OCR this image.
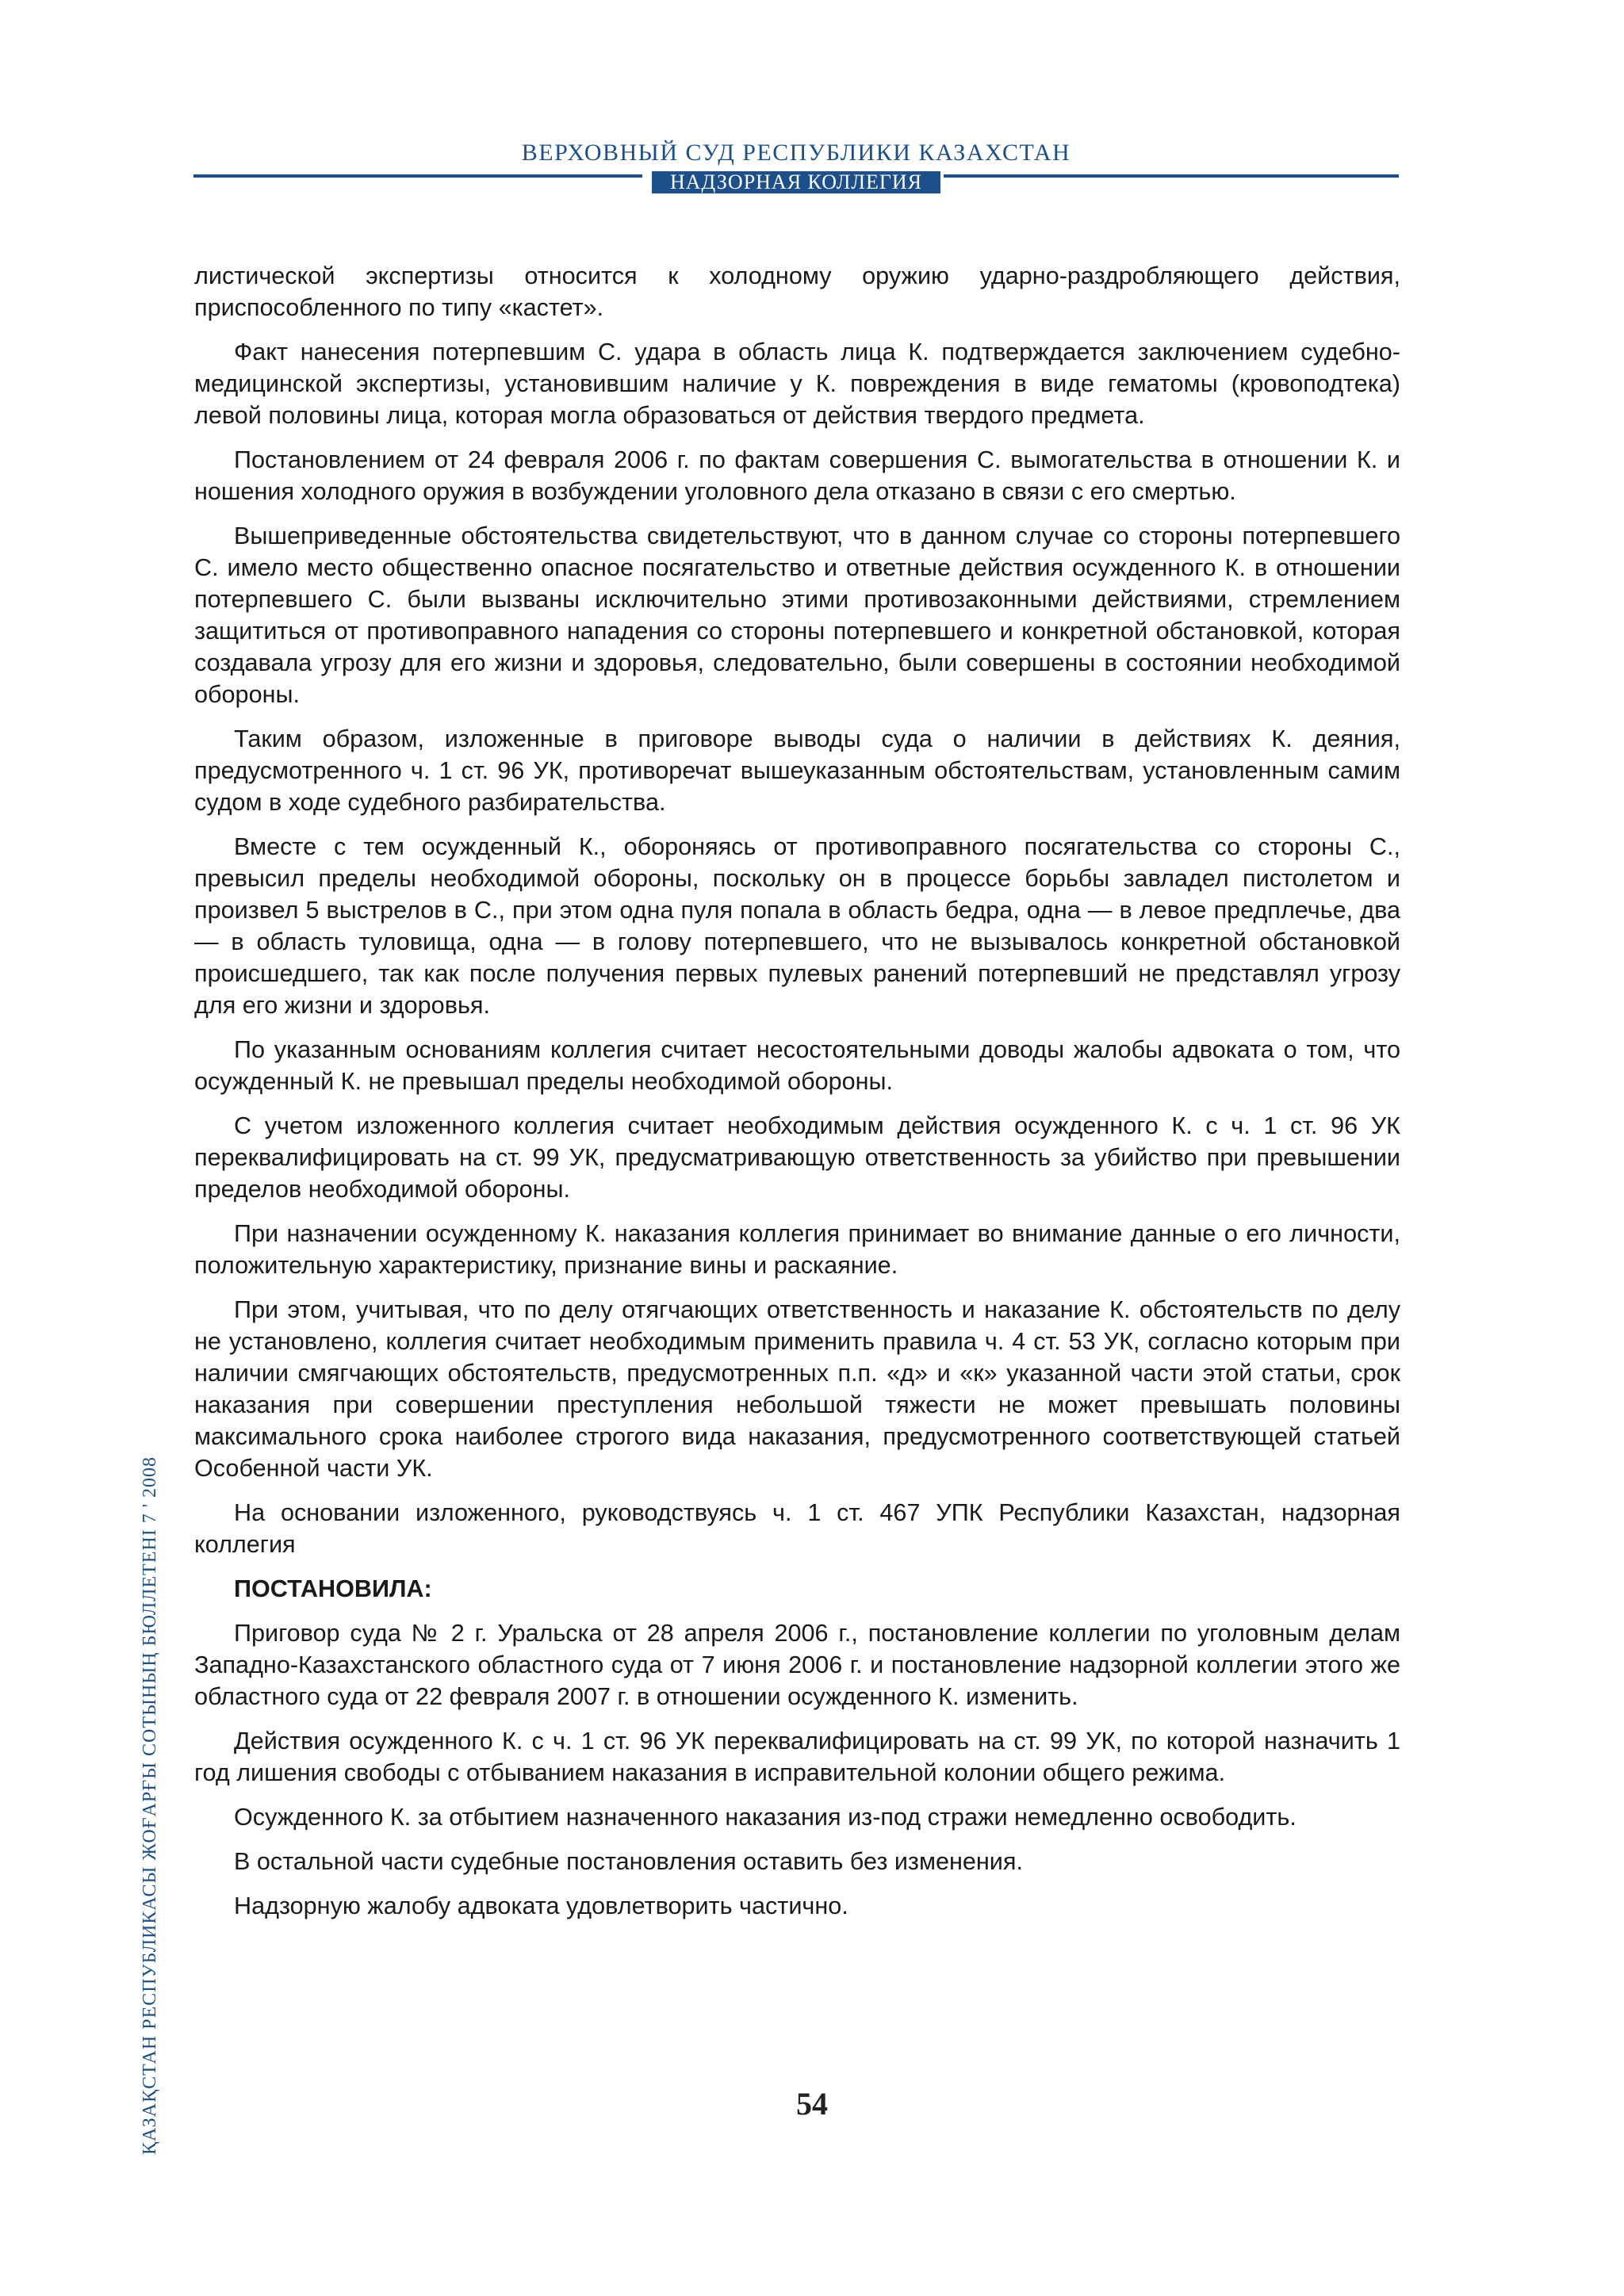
ВЕРХОВНЫЙ СУД РЕСПУБЛИКИ КАЗАХСТАН
НАДЗОРНАЯ КОЛЛЕГИЯ

листической экспертизы относится к холодному оружию ударно-раздробляющего действия, приспособленного по типу «кастет».

Факт нанесения потерпевшим С. удара в область лица К. подтверждается заключением судебно-медицинской экспертизы, установившим наличие у К. повреждения в виде гематомы (кровоподтека) левой половины лица, которая могла образоваться от действия твердого предмета.

Постановлением от 24 февраля 2006 г. по фактам совершения С. вымогательства в отношении К. и ношения холодного оружия в возбуждении уголовного дела отказано в связи с его смертью.

Вышеприведенные обстоятельства свидетельствуют, что в данном случае со стороны потерпевшего С. имело место общественно опасное посягательство и ответные действия осужденного К. в отношении потерпевшего С. были вызваны исключительно этими противозаконными действиями, стремлением защититься от противоправного нападения со стороны потерпевшего и конкретной обстановкой, которая создавала угрозу для его жизни и здоровья, следовательно, были совершены в состоянии необходимой обороны.

Таким образом, изложенные в приговоре выводы суда о наличии в действиях К. деяния, предусмотренного ч. 1 ст. 96 УК, противоречат вышеуказанным обстоятельствам, установленным самим судом в ходе судебного разбирательства.

Вместе с тем осужденный К., обороняясь от противоправного посягательства со стороны С., превысил пределы необходимой обороны, поскольку он в процессе борьбы завладел пистолетом и произвел 5 выстрелов в С., при этом одна пуля попала в область бедра, одна — в левое предплечье, два — в область туловища, одна — в голову потерпевшего, что не вызывалось конкретной обстановкой происшедшего, так как после получения первых пулевых ранений потерпевший не представлял угрозу для его жизни и здоровья.

По указанным основаниям коллегия считает несостоятельными доводы жалобы адвоката о том, что осужденный К. не превышал пределы необходимой обороны.

С учетом изложенного коллегия считает необходимым действия осужденного К. с ч. 1 ст. 96 УК переквалифицировать на ст. 99 УК, предусматривающую ответственность за убийство при превышении пределов необходимой обороны.

При назначении осужденному К. наказания коллегия принимает во внимание данные о его личности, положительную характеристику, признание вины и раскаяние.

При этом, учитывая, что по делу отягчающих ответственность и наказание К. обстоятельств по делу не установлено, коллегия считает необходимым применить правила ч. 4 ст. 53 УК, согласно которым при наличии смягчающих обстоятельств, предусмотренных п.п. «д» и «к» указанной части этой статьи, срок наказания при совершении преступления небольшой тяжести не может превышать половины максимального срока наиболее строгого вида наказания, предусмотренного соответствующей статьей Особенной части УК.

На основании изложенного, руководствуясь ч. 1 ст. 467 УПК Республики Казахстан, надзорная коллегия

ПОСТАНОВИЛА:

Приговор суда № 2 г. Уральска от 28 апреля 2006 г., постановление коллегии по уголовным делам Западно-Казахстанского областного суда от 7 июня 2006 г. и постановление надзорной коллегии этого же областного суда от 22 февраля 2007 г. в отношении осужденного К. изменить.

Действия осужденного К. с ч. 1 ст. 96 УК переквалифицировать на ст. 99 УК, по которой назначить 1 год лишения свободы с отбыванием наказания в исправительной колонии общего режима.

Осужденного К. за отбытием назначенного наказания из-под стражи немедленно освободить.

В остальной части судебные постановления оставить без изменения.

Надзорную жалобу адвоката удовлетворить частично.

ҚАЗАҚСТАН РЕСПУБЛИКАСЫ ЖОҒАРҒЫ СОТЫНЫҢ БЮЛЛЕТЕНІ 7 ' 2008	54
